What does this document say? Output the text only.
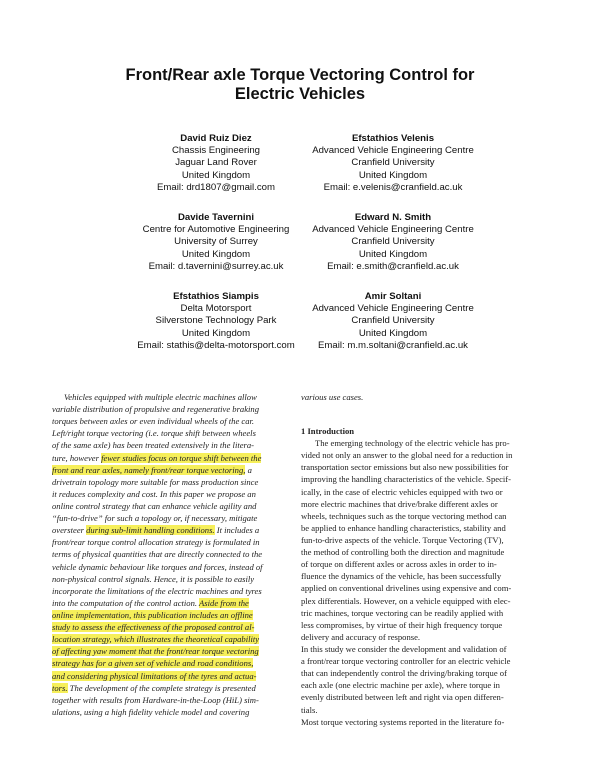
Front/Rear axle Torque Vectoring Control for
Electric Vehicles
David Ruiz Diez
Chassis Engineering
Jaguar Land Rover
United Kingdom
Email: drd1807@gmail.com
Efstathios Velenis
Advanced Vehicle Engineering Centre
Cranfield University
United Kingdom
Email: e.velenis@cranfield.ac.uk
Davide Tavernini
Centre for Automotive Engineering
University of Surrey
United Kingdom
Email: d.tavernini@surrey.ac.uk
Edward N. Smith
Advanced Vehicle Engineering Centre
Cranfield University
United Kingdom
Email: e.smith@cranfield.ac.uk
Efstathios Siampis
Delta Motorsport
Silverstone Technology Park
United Kingdom
Email: stathis@delta-motorsport.com
Amir Soltani
Advanced Vehicle Engineering Centre
Cranfield University
United Kingdom
Email: m.m.soltani@cranfield.ac.uk
Vehicles equipped with multiple electric machines allow
variable distribution of propulsive and regenerative braking
torques between axles or even individual wheels of the car.
Left/right torque vectoring (i.e. torque shift between wheels
of the same axle) has been treated extensively in the litera-
ture, however fewer studies focus on torque shift between the
front and rear axles, namely front/rear torque vectoring, a
drivetrain topology more suitable for mass production since
it reduces complexity and cost. In this paper we propose an
online control strategy that can enhance vehicle agility and
“fun-to-drive” for such a topology or, if necessary, mitigate
oversteer during sub-limit handling conditions. It includes a
front/rear torque control allocation strategy is formulated in
terms of physical quantities that are directly connected to the
vehicle dynamic behaviour like torques and forces, instead of
non-physical control signals. Hence, it is possible to easily
incorporate the limitations of the electric machines and tyres
into the computation of the control action. Aside from the
online implementation, this publication includes an offline
study to assess the effectiveness of the proposed control al-
location strategy, which illustrates the theoretical capability
of affecting yaw moment that the front/rear torque vectoring
strategy has for a given set of vehicle and road conditions,
and considering physical limitations of the tyres and actua-
tors. The development of the complete strategy is presented
together with results from Hardware-in-the-Loop (HiL) sim-
ulations, using a high fidelity vehicle model and covering
various use cases.
1 Introduction
The emerging technology of the electric vehicle has pro-
vided not only an answer to the global need for a reduction in
transportation sector emissions but also new possibilities for
improving the handling characteristics of the vehicle. Specif-
ically, in the case of electric vehicles equipped with two or
more electric machines that drive/brake different axles or
wheels, techniques such as the torque vectoring method can
be applied to enhance handling characteristics, stability and
fun-to-drive aspects of the vehicle. Torque Vectoring (TV),
the method of controlling both the direction and magnitude
of torque on different axles or across axles in order to in-
fluence the dynamics of the vehicle, has been successfully
applied on conventional drivelines using expensive and com-
plex differentials. However, on a vehicle equipped with elec-
tric machines, torque vectoring can be readily applied with
less compromises, by virtue of their high frequency torque
delivery and accuracy of response.
In this study we consider the development and validation of
a front/rear torque vectoring controller for an electric vehicle
that can independently control the driving/braking torque of
each axle (one electric machine per axle), where torque in
evenly distributed between left and right via open differen-
tials.
Most torque vectoring systems reported in the literature fo-
